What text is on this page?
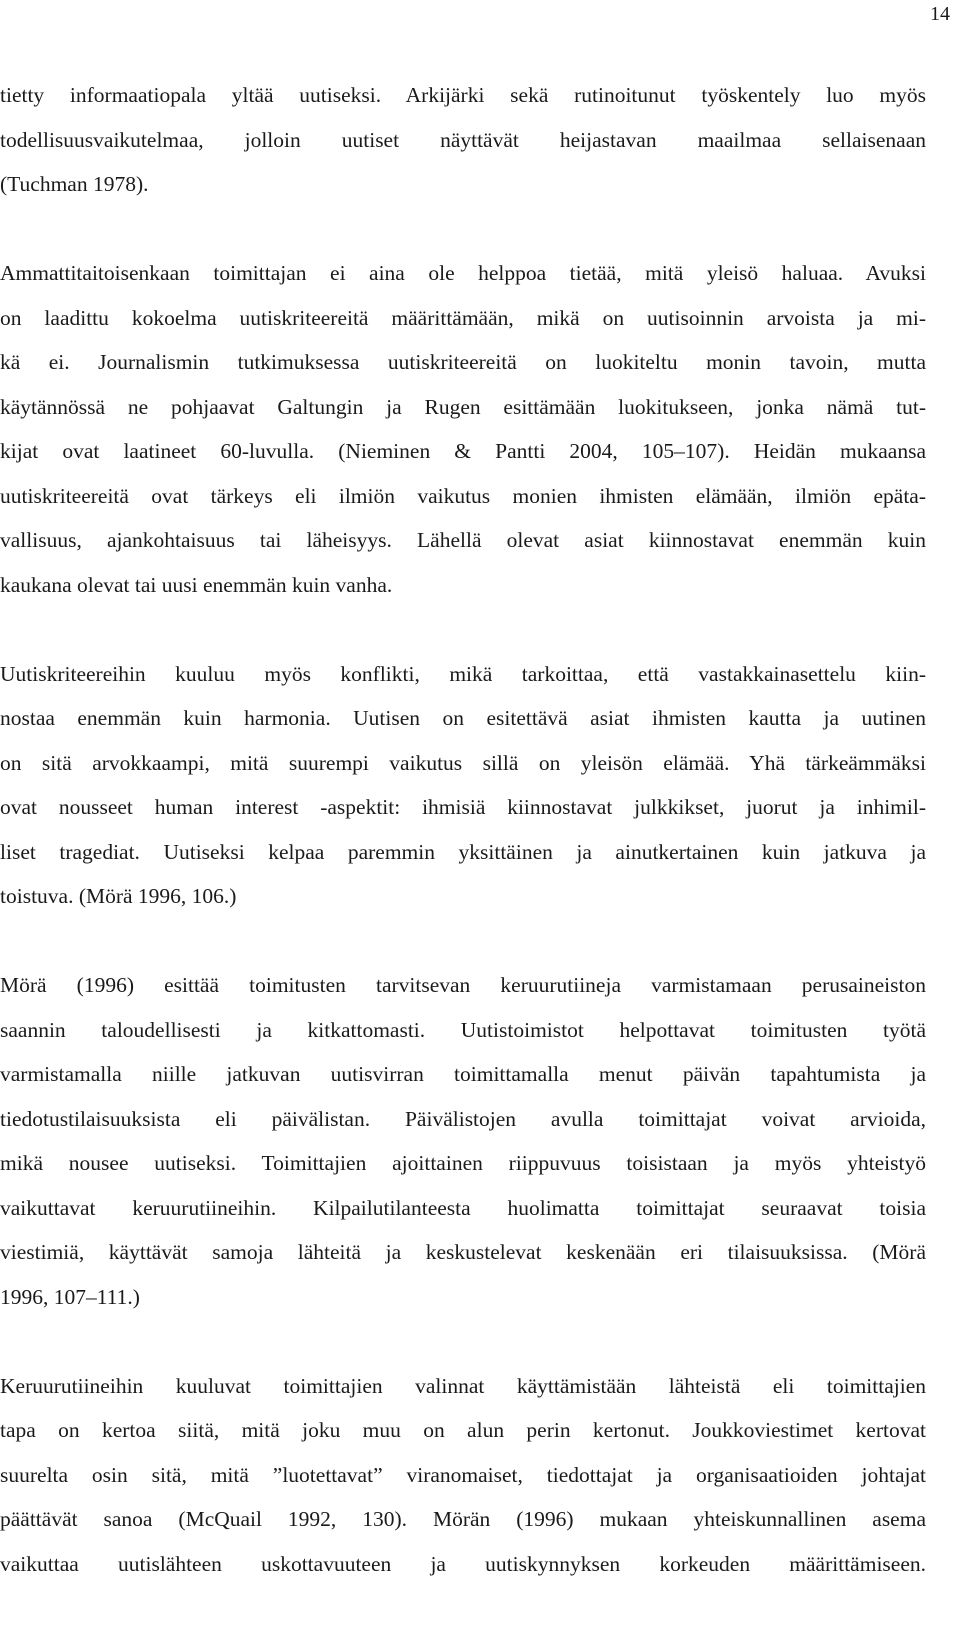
14

tietty informaatiopala yltää uutiseksi. Arkijärki sekä rutinoitunut työskentely luo myös
todellisuusvaikutelmaa, jolloin uutiset näyttävät heijastavan maailmaa sellaisenaan
(Tuchman 1978).

Ammattitaitoisenkaan toimittajan ei aina ole helppoa tietää, mitä yleisö haluaa. Avuksi
on laadittu kokoelma uutiskriteereitä määrittämään, mikä on uutisoinnin arvoista ja mi-
kä ei. Journalismin tutkimuksessa uutiskriteereitä on luokiteltu monin tavoin, mutta
käytännössä ne pohjaavat Galtungin ja Rugen esittämään luokitukseen, jonka nämä tut-
kijat ovat laatineet 60-luvulla. (Nieminen & Pantti 2004, 105–107). Heidän mukaansa
uutiskriteereitä ovat tärkeys eli ilmiön vaikutus monien ihmisten elämään, ilmiön epäta-
vallisuus, ajankohtaisuus tai läheisyys. Lähellä olevat asiat kiinnostavat enemmän kuin
kaukana olevat tai uusi enemmän kuin vanha.

Uutiskriteereihin kuuluu myös konflikti, mikä tarkoittaa, että vastakkainasettelu kiin-
nostaa enemmän kuin harmonia. Uutisen on esitettävä asiat ihmisten kautta ja uutinen
on sitä arvokkaampi, mitä suurempi vaikutus sillä on yleisön elämää. Yhä tärkeämmäksi
ovat nousseet human interest -aspektit: ihmisiä kiinnostavat julkkikset, juorut ja inhimil-
liset tragediat. Uutiseksi kelpaa paremmin yksittäinen ja ainutkertainen kuin jatkuva ja
toistuva. (Mörä 1996, 106.)

Mörä (1996) esittää toimitusten tarvitsevan keruurutiineja varmistamaan perusaineiston
saannin taloudellisesti ja kitkattomasti. Uutistoimistot helpottavat toimitusten työtä
varmistamalla niille jatkuvan uutisvirran toimittamalla menut päivän tapahtumista ja
tiedotustilaisuuksista eli päivälistan. Päivälistojen avulla toimittajat voivat arvioida,
mikä nousee uutiseksi. Toimittajien ajoittainen riippuvuus toisistaan ja myös yhteistyö
vaikuttavat keruurutiineihin. Kilpailutilanteesta huolimatta toimittajat seuraavat toisia
viestimiä, käyttävät samoja lähteitä ja keskustelevat keskenään eri tilaisuuksissa. (Mörä
1996, 107–111.)

Keruurutiineihin kuuluvat toimittajien valinnat käyttämistään lähteistä eli toimittajien
tapa on kertoa siitä, mitä joku muu on alun perin kertonut. Joukkoviestimet kertovat
suurelta osin sitä, mitä ”luotettavat” viranomaiset, tiedottajat ja organisaatioiden johtajat
päättävät sanoa (McQuail 1992, 130). Mörän (1996) mukaan yhteiskunnallinen asema
vaikuttaa uutislähteen uskottavuuteen ja uutiskynnyksen korkeuden määrittämiseen.
